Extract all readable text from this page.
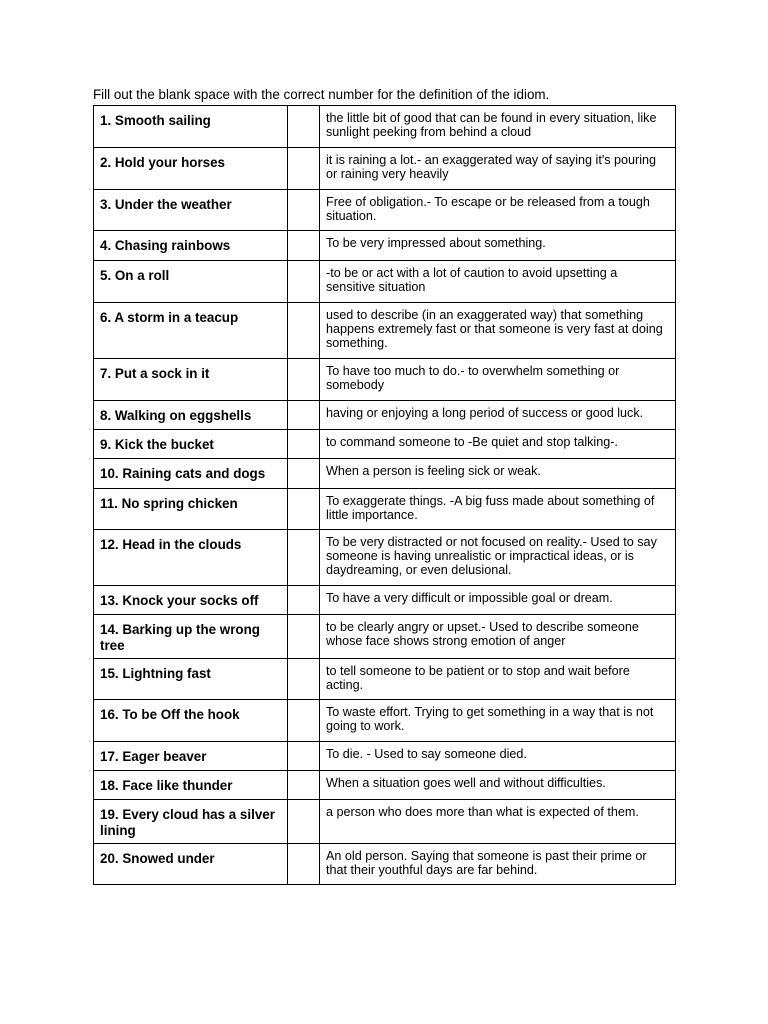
Fill out the blank space with the correct number for the definition of the idiom.
1. Smooth sailing		the little bit of good that can be found in every situation, like sunlight peeking from behind a cloud

2. Hold your horses		it is raining a lot.- an exaggerated way of saying it's pouring or raining very heavily

3. Under the weather		Free of obligation.- To escape or be released from a tough situation.

4. Chasing rainbows		To be very impressed about something.

5. On a roll		-to be or act with a lot of caution to avoid upsetting a sensitive situation

6. A storm in a teacup		used to describe (in an exaggerated way) that something happens extremely fast or that someone is very fast at doing something.

7. Put a sock in it		To have too much to do.- to overwhelm something or somebody

8. Walking on eggshells		having or enjoying a long period of success or good luck.

9. Kick the bucket		to command someone to -Be quiet and stop talking-.

10. Raining cats and dogs		When a person is feeling sick or weak.

11. No spring chicken		To exaggerate things. -A big fuss made about something of little importance.

12. Head in the clouds		To be very distracted or not focused on reality.- Used to say someone is having unrealistic or impractical ideas, or is daydreaming, or even delusional.

13. Knock your socks off		To have a very difficult or impossible goal or dream.

14. Barking up the wrong tree		to be clearly angry or upset.- Used to describe someone whose face shows strong emotion of anger

15. Lightning fast		to tell someone to be patient or to stop and wait before acting.

16. To be Off the hook		To waste effort. Trying to get something in a way that is not going to work.

17. Eager beaver		To die. - Used to say someone died.

18. Face like thunder		When a situation goes well and without difficulties.

19. Every cloud has a silver lining		a person who does more than what is expected of them.

20. Snowed under		An old person. Saying that someone is past their prime or that their youthful days are far behind.
